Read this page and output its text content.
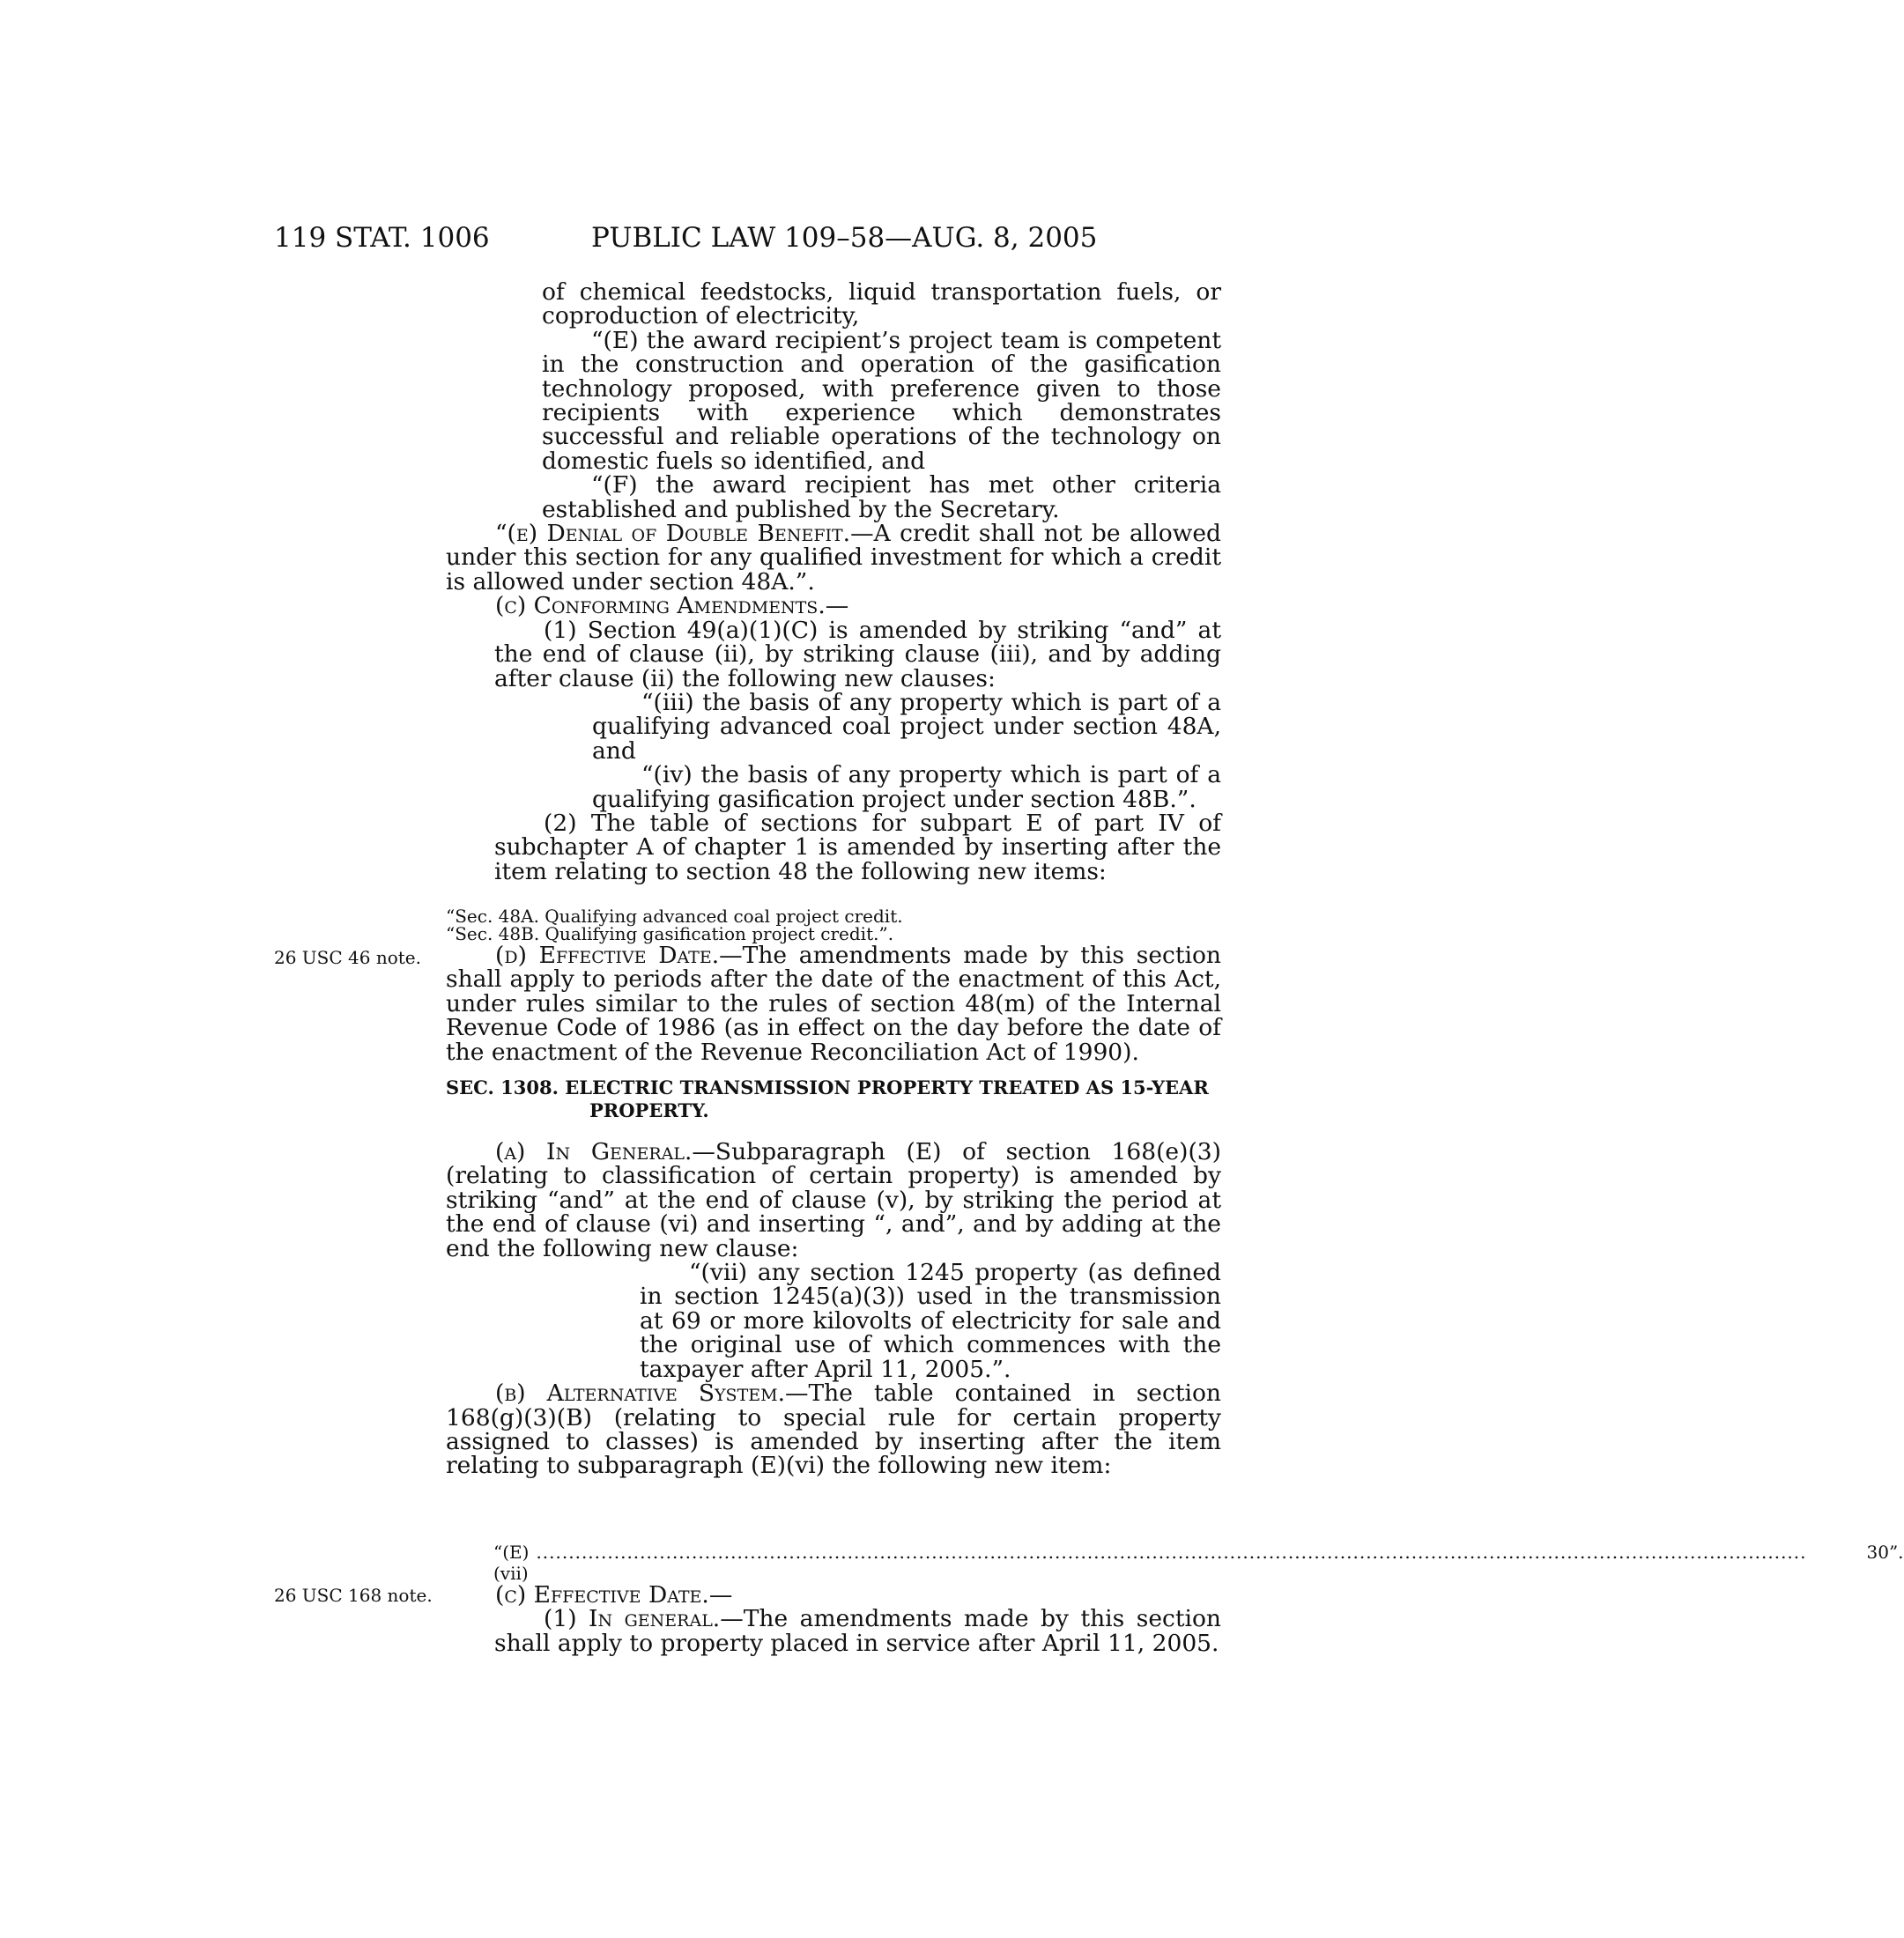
119 STAT. 1006	PUBLIC LAW 109–58—AUG. 8, 2005

of chemical feedstocks, liquid transportation fuels, or coproduction of electricity,

“(E) the award recipient’s project team is competent in the construction and operation of the gasification technology proposed, with preference given to those recipients with experience which demonstrates successful and reliable operations of the technology on domestic fuels so identified, and

“(F) the award recipient has met other criteria established and published by the Secretary.

“(e) Denial of Double Benefit.—A credit shall not be allowed under this section for any qualified investment for which a credit is allowed under section 48A.”.

(c) Conforming Amendments.—

(1) Section 49(a)(1)(C) is amended by striking “and” at the end of clause (ii), by striking clause (iii), and by adding after clause (ii) the following new clauses:

“(iii) the basis of any property which is part of a qualifying advanced coal project under section 48A, and

“(iv) the basis of any property which is part of a qualifying gasification project under section 48B.”.

(2) The table of sections for subpart E of part IV of subchapter A of chapter 1 is amended by inserting after the item relating to section 48 the following new items:

“Sec. 48A. Qualifying advanced coal project credit.

“Sec. 48B. Qualifying gasification project credit.”.

26 USC 46 note.	(d) Effective Date.—The amendments made by this section shall apply to periods after the date of the enactment of this Act, under rules similar to the rules of section 48(m) of the Internal Revenue Code of 1986 (as in effect on the day before the date of the enactment of the Revenue Reconciliation Act of 1990).

SEC. 1308. ELECTRIC TRANSMISSION PROPERTY TREATED AS 15-YEAR
PROPERTY.

(a) In General.—Subparagraph (E) of section 168(e)(3) (relating to classification of certain property) is amended by striking “and” at the end of clause (v), by striking the period at the end of clause (vi) and inserting “, and”, and by adding at the end the following new clause:

“(vii) any section 1245 property (as defined in section 1245(a)(3)) used in the transmission at 69 or more kilovolts of electricity for sale and the original use of which commences with the taxpayer after April 11, 2005.”.

(b) Alternative System.—The table contained in section 168(g)(3)(B) (relating to special rule for certain property assigned to classes) is amended by inserting after the item relating to subparagraph (E)(vi) the following new item:

“(E)(vii)
....................................................................................................................................................................................................	30”.
26 USC 168 note.	(c) Effective Date.—

(1) In general.—The amendments made by this section shall apply to property placed in service after April 11, 2005.
